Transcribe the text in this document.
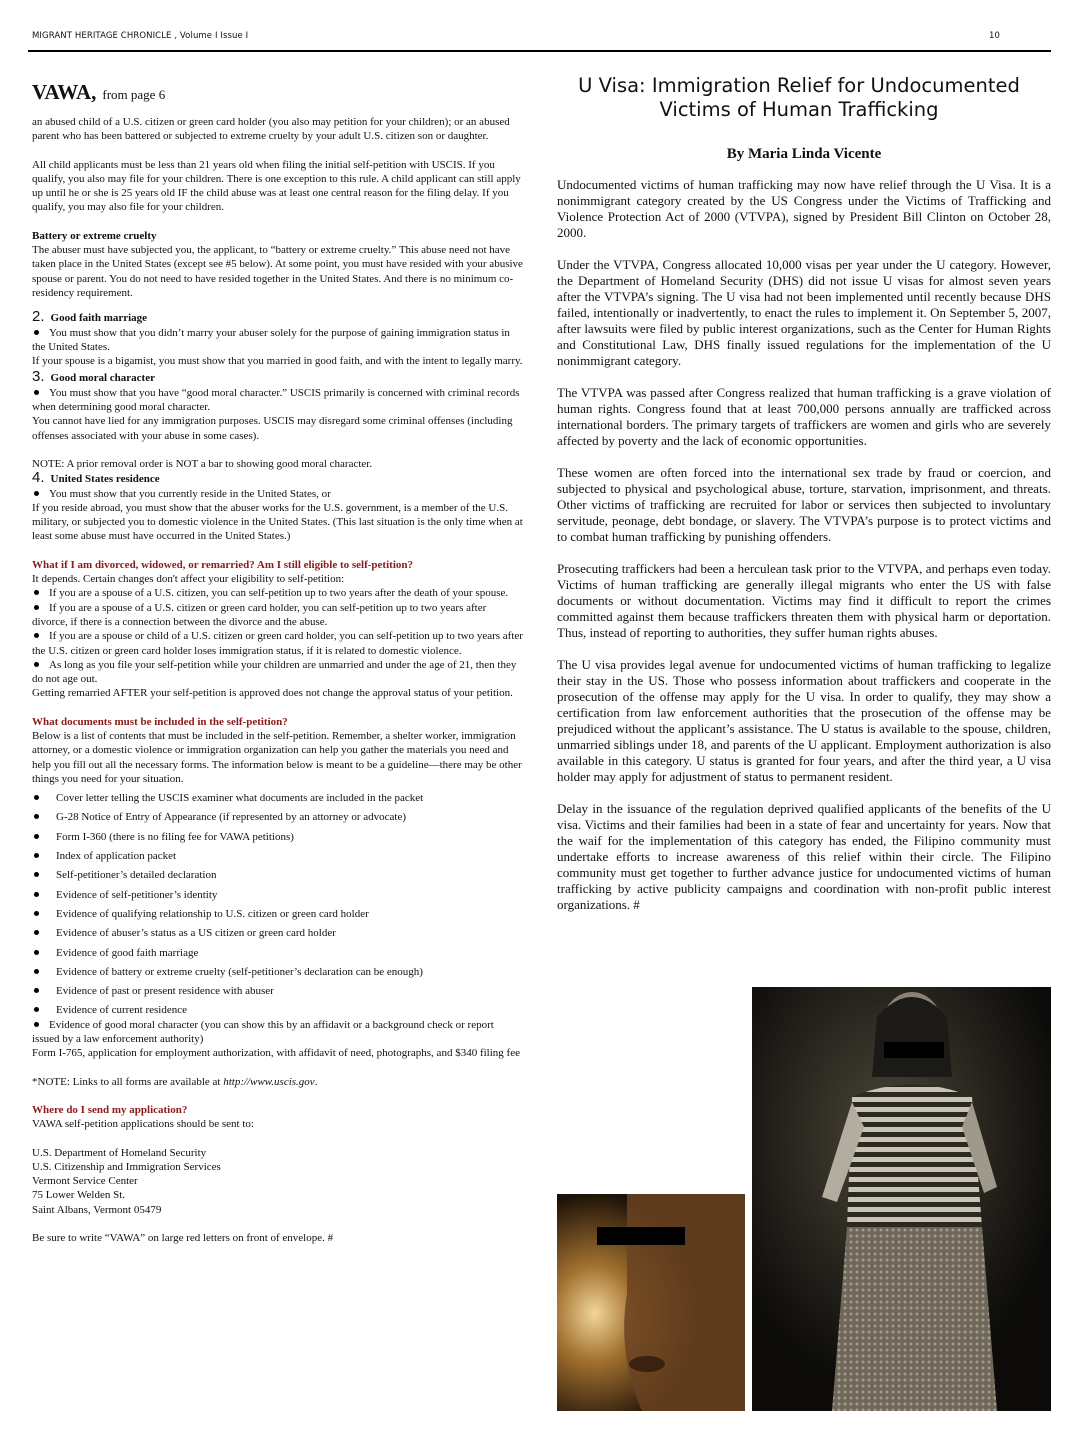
MIGRANT HERITAGE CHRONICLE , Volume I Issue I	10
VAWA, from page 6

an abused child of a U.S. citizen or green card holder (you also may petition for your children); or an abused parent who has been battered or subjected to extreme cruelty by your adult U.S. citizen son or daughter.

All child applicants must be less than 21 years old when filing the initial self-petition with USCIS. If you qualify, you also may file for your children. There is one exception to this rule. A child applicant can still apply up until he or she is 25 years old IF the child abuse was at least one central reason for the filing delay. If you qualify, you may also file for your children.

Battery or extreme cruelty

The abuser must have subjected you, the applicant, to “battery or extreme cruelty.” This abuse need not have taken place in the United States (except see #5 below). At some point, you must have resided with your abusive spouse or parent. You do not need to have resided together in the United States. And there is no minimum co-residency requirement.

2. Good faith marriage

You must show that you didn’t marry your abuser solely for the purpose of gaining immigration status in the United States.

If your spouse is a bigamist, you must show that you married in good faith, and with the intent to legally marry.

3. Good moral character

You must show that you have “good moral character.” USCIS primarily is concerned with criminal records when determining good moral character.

You cannot have lied for any immigration purposes. USCIS may disregard some criminal offenses (including offenses associated with your abuse in some cases).

NOTE: A prior removal order is NOT a bar to showing good moral character.

4. United States residence

You must show that you currently reside in the United States, or

If you reside abroad, you must show that the abuser works for the U.S. government, is a member of the U.S. military, or subjected you to domestic violence in the United States. (This last situation is the only time when at least some abuse must have occurred in the United States.)

What if I am divorced, widowed, or remarried? Am I still eligible to self-petition?

It depends. Certain changes don't affect your eligibility to self-petition:

If you are a spouse of a U.S. citizen, you can self-petition up to two years after the death of your spouse.

If you are a spouse of a U.S. citizen or green card holder, you can self-petition up to two years after divorce, if there is a connection between the divorce and the abuse.

If you are a spouse or child of a U.S. citizen or green card holder, you can self-petition up to two years after the U.S. citizen or green card holder loses immigration status, if it is related to domestic violence.

As long as you file your self-petition while your children are unmarried and under the age of 21, then they do not age out.

Getting remarried AFTER your self-petition is approved does not change the approval status of your petition.

What documents must be included in the self-petition?

Below is a list of contents that must be included in the self-petition. Remember, a shelter worker, immigration attorney, or a domestic violence or immigration organization can help you gather the materials you need and help you fill out all the necessary forms. The information below is meant to be a guideline—there may be other things you need for your situation.

Cover letter telling the USCIS examiner what documents are included in the packet
G-28 Notice of Entry of Appearance (if represented by an attorney or advocate)
Form I-360 (there is no filing fee for VAWA petitions)
Index of application packet
Self-petitioner’s detailed declaration
Evidence of self-petitioner’s identity
Evidence of qualifying relationship to U.S. citizen or green card holder
Evidence of abuser’s status as a US citizen or green card holder
Evidence of good faith marriage
Evidence of battery or extreme cruelty (self-petitioner’s declaration can be enough)
Evidence of past or present residence with abuser
Evidence of current residence

Evidence of good moral character (you can show this by an affidavit or a background check or report issued by a law enforcement authority)

Form I-765, application for employment authorization, with affidavit of need, photographs, and $340 filing fee

*NOTE: Links to all forms are available at http://www.uscis.gov.

Where do I send my application?

VAWA self-petition applications should be sent to:

U.S. Department of Homeland Security

U.S. Citizenship and Immigration Services

Vermont Service Center

75 Lower Welden St.

Saint Albans, Vermont 05479

Be sure to write “VAWA” on large red letters on front of envelope. #

U Visa: Immigration Relief for Undocumented
Victims of Human Trafficking
By Maria Linda Vicente

Undocumented victims of human trafficking may now have relief through the U Visa. It is a nonimmigrant category created by the US Congress under the Victims of Trafficking and Violence Protection Act of 2000 (VTVPA), signed by President Bill Clinton on October 28, 2000.

Under the VTVPA, Congress allocated 10,000 visas per year under the U category. However, the Department of Homeland Security (DHS) did not issue U visas for almost seven years after the VTVPA’s signing. The U visa had not been implemented until recently because DHS failed, intentionally or inadvertently, to enact the rules to implement it. On September 5, 2007, after lawsuits were filed by public interest organizations, such as the Center for Human Rights and Constitutional Law, DHS finally issued regulations for the implementation of the U nonimmigrant category.

The VTVPA was passed after Congress realized that human trafficking is a grave violation of human rights. Congress found that at least 700,000 persons annually are trafficked across international borders. The primary targets of traffickers are women and girls who are severely affected by poverty and the lack of economic opportunities.

These women are often forced into the international sex trade by fraud or coercion, and subjected to physical and psychological abuse, torture, starvation, imprisonment, and threats. Other victims of trafficking are recruited for labor or services then subjected to involuntary servitude, peonage, debt bondage, or slavery. The VTVPA’s purpose is to protect victims and to combat human trafficking by punishing offenders.

Prosecuting traffickers had been a herculean task prior to the VTVPA, and perhaps even today. Victims of human trafficking are generally illegal migrants who enter the US with false documents or without documentation. Victims may find it difficult to report the crimes committed against them because traffickers threaten them with physical harm or deportation. Thus, instead of reporting to authorities, they suffer human rights abuses.

The U visa provides legal avenue for undocumented victims of human trafficking to legalize their stay in the US. Those who possess information about traffickers and cooperate in the prosecution of the offense may apply for the U visa. In order to qualify, they may show a certification from law enforcement authorities that the prosecution of the offense may be prejudiced without the applicant’s assistance. The U status is available to the spouse, children, unmarried siblings under 18, and parents of the U applicant. Employment authorization is also available in this category. U status is granted for four years, and after the third year, a U visa holder may apply for adjustment of status to permanent resident.

Delay in the issuance of the regulation deprived qualified applicants of the benefits of the U visa. Victims and their families had been in a state of fear and uncertainty for years. Now that the waif for the implementation of this category has ended, the Filipino community must undertake efforts to increase awareness of this relief within their circle. The Filipino community must get together to further advance justice for undocumented victims of human trafficking by active publicity campaigns and coordination with non-profit public interest organizations. #
